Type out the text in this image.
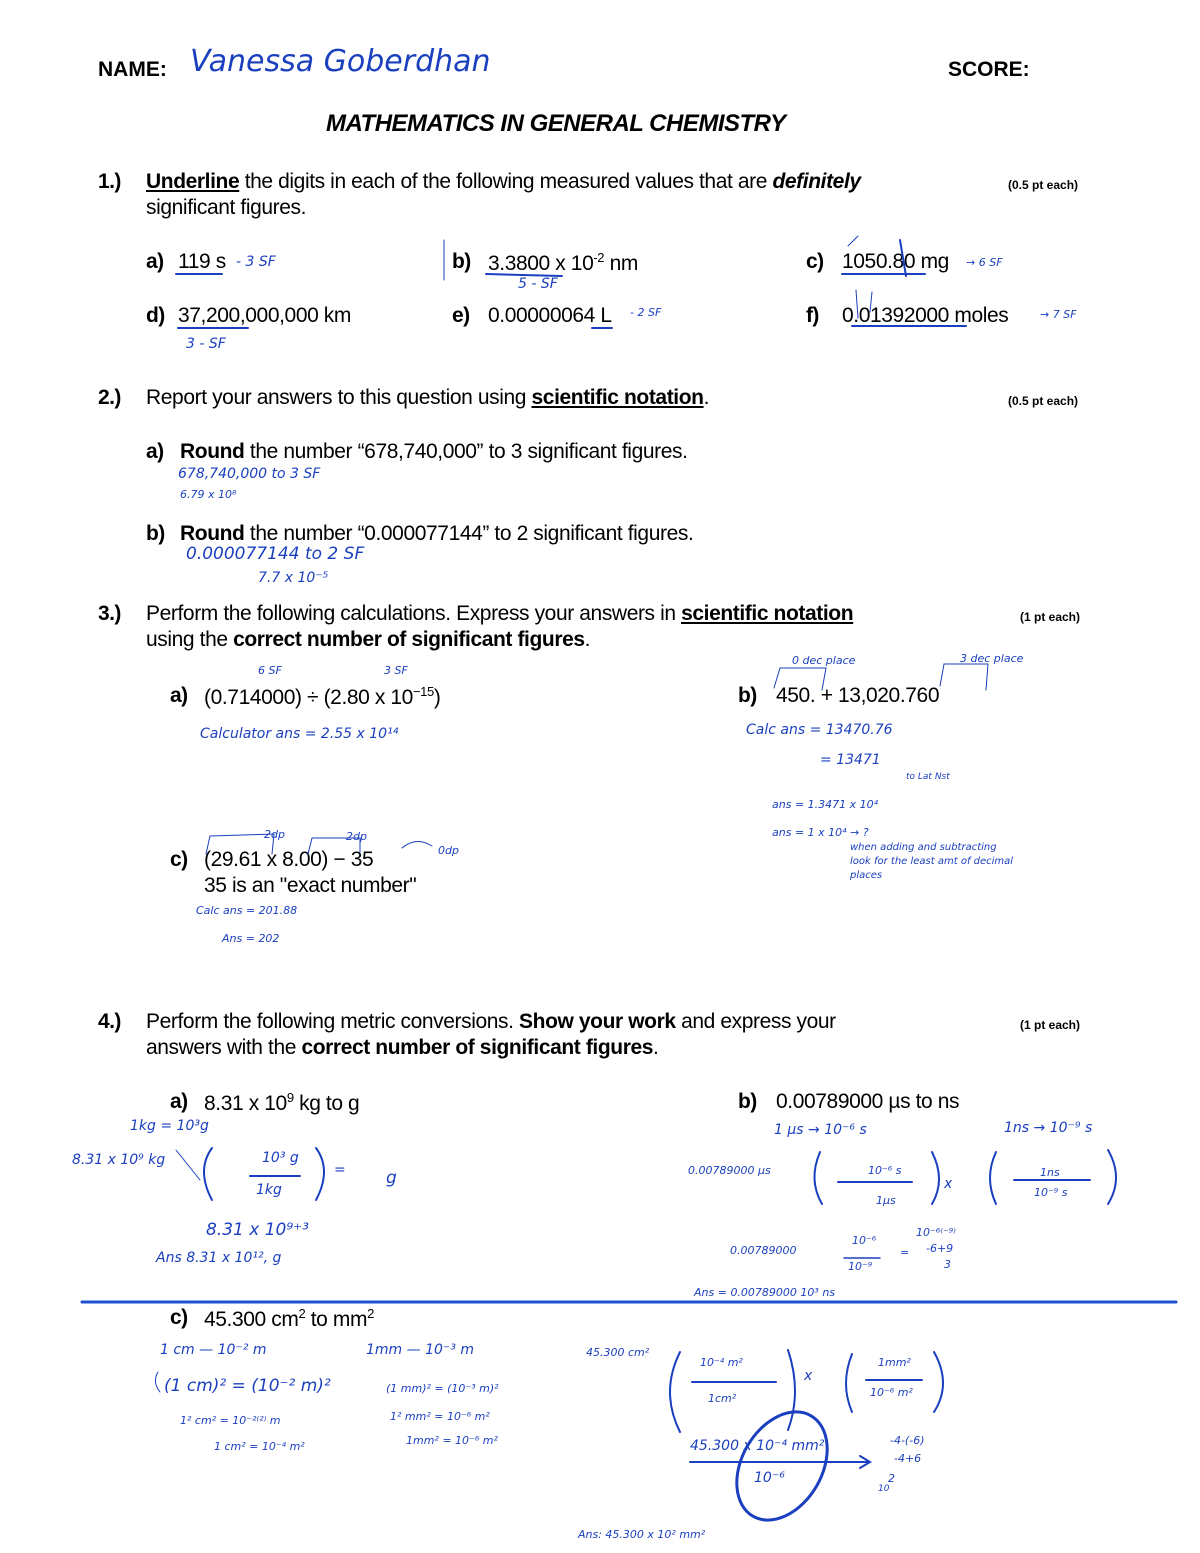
NAME: Vanessa Goberdhan	SCORE:
MATHEMATICS IN GENERAL CHEMISTRY
1.) Underline the digits in each of the following measured values that are definitely	(0.5 pt each)
significant figures.
a) 119 s - 3 SF	b) 3.3800 x $10^{-2}$ nm
5 - SF
c) 1050.80 mg → 6 SF
d) 37,200,000,000 km
3 - SF
e) 0.00000064 L - 2 SF	f) 0.01392000 moles	→ 7 SF
2.) Report your answers to this question using scientific notation.	(0.5 pt each)
a) Round the number “678,740,000” to 3 significant figures.
678,740,000 to 3 SF
6.79 x 10⁸
b) Round the number “0.000077144” to 2 significant figures.
0.000077144 to 2 SF
7.7 x 10⁻⁵
3.) Perform the following calculations. Express your answers in scientific notation	(1 pt each)
using the correct number of significant figures.
a) (0.714000) ÷ (2.80 x $10^{-15}$)
6 SF	3 SF
Calculator ans = 2.55 x 10¹⁴
b) 450. + 13,020.760
0 dec place	3 dec place
Calc ans = 13470.76
= 13471
to Lat Nst
ans = 1.3471 x 10⁴
ans = 1 x 10⁴ → ?
when adding and subtracting
look for the least amt of decimal
places
c) (29.61 x 8.00) − 35
2dp	2dp
0dp
35 is an "exact number"
Calc ans = 201.88
Ans = 202
4.) Perform the following metric conversions. Show your work and express your	(1 pt each)
answers with the correct number of significant figures.
a) 8.31 x $10^9$ kg to g
1kg = 10³g
8.31 x 10⁹ kg	10³ g
1kg
= g
8.31 x 10⁹⁺³
Ans 8.31 x 10¹², g
b) 0.00789000 µs to ns
1 µs → 10⁻⁶ s	1ns → 10⁻⁹ s
0.00789000 µs	10⁻⁶ s
1µs
x
1ns
10⁻⁹ s
0.00789000
10⁻⁶
10⁻⁹
=
10⁻⁶⁽⁻⁹⁾
-6+9
3
Ans = 0.00789000 10³ ns
c) 45.300 $cm^2$ to $mm^2$
1 cm — 10⁻² m	1mm — 10⁻³ m
(1 cm)² = (10⁻² m)²	(1 mm)² = (10⁻³ m)²
1² cm² = 10⁻²⁽²⁾ m	1² mm² = 10⁻⁶ m²
1 cm² = 10⁻⁴ m²	1mm² = 10⁻⁶ m²
45.300 cm²
10⁻⁴ m²
1cm²
x
1mm²
10⁻⁶ m²
45.300 x 10⁻⁴ mm²
10⁻⁶
-4-(-6)
-4+6
2
10
Ans: 45.300 x 10² mm²
